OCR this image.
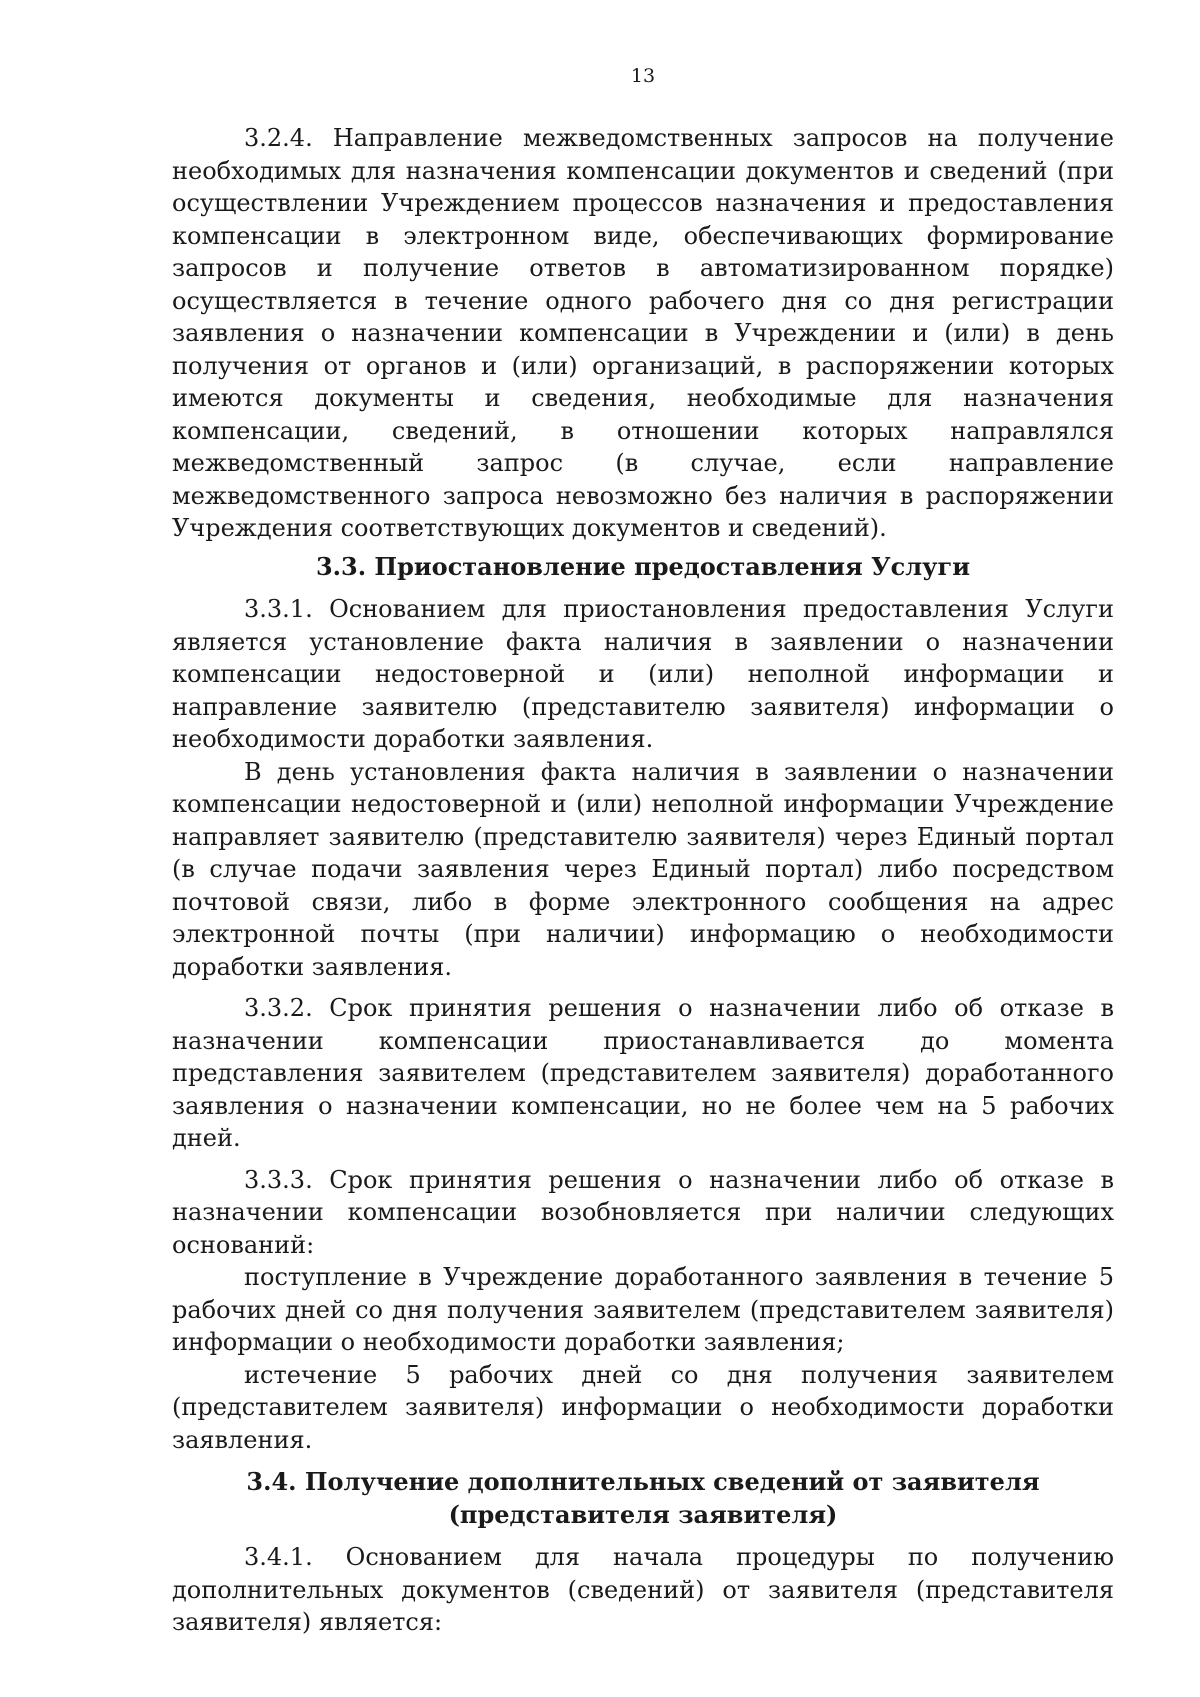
13

3.2.4. Направление межведомственных запросов на получение необходимых для назначения компенсации документов и сведений (при осуществлении Учреждением процессов назначения и предоставления компенсации в электронном виде, обеспечивающих формирование запросов и получение ответов в автоматизированном порядке) осуществляется в течение одного рабочего дня со дня регистрации заявления о назначении компенсации в Учреждении и (или) в день получения от органов и (или) организаций, в распоряжении которых имеются документы и сведения, необходимые для назначения компенсации, сведений, в отношении которых направлялся межведомственный запрос (в случае, если направление межведомственного запроса невозможно без наличия в распоряжении Учреждения соответствующих документов и сведений).

3.3. Приостановление предоставления Услуги

3.3.1. Основанием для приостановления предоставления Услуги является установление факта наличия в заявлении о назначении компенсации недостоверной и (или) неполной информации и направление заявителю (представителю заявителя) информации о необходимости доработки заявления.

В день установления факта наличия в заявлении о назначении компенсации недостоверной и (или) неполной информации Учреждение направляет заявителю (представителю заявителя) через Единый портал (в случае подачи заявления через Единый портал) либо посредством почтовой связи, либо в форме электронного сообщения на адрес электронной почты (при наличии) информацию о необходимости доработки заявления.

3.3.2. Срок принятия решения о назначении либо об отказе в назначении компенсации приостанавливается до момента представления заявителем (представителем заявителя) доработанного заявления о назначении компенсации, но не более чем на 5 рабочих дней.

3.3.3. Срок принятия решения о назначении либо об отказе в назначении компенсации возобновляется при наличии следующих оснований:

поступление в Учреждение доработанного заявления в течение 5 рабочих дней со дня получения заявителем (представителем заявителя) информации о необходимости доработки заявления;

истечение 5 рабочих дней со дня получения заявителем (представителем заявителя) информации о необходимости доработки заявления.

3.4. Получение дополнительных сведений от заявителя (представителя заявителя)

3.4.1. Основанием для начала процедуры по получению дополнительных документов (сведений) от заявителя (представителя заявителя) является:
